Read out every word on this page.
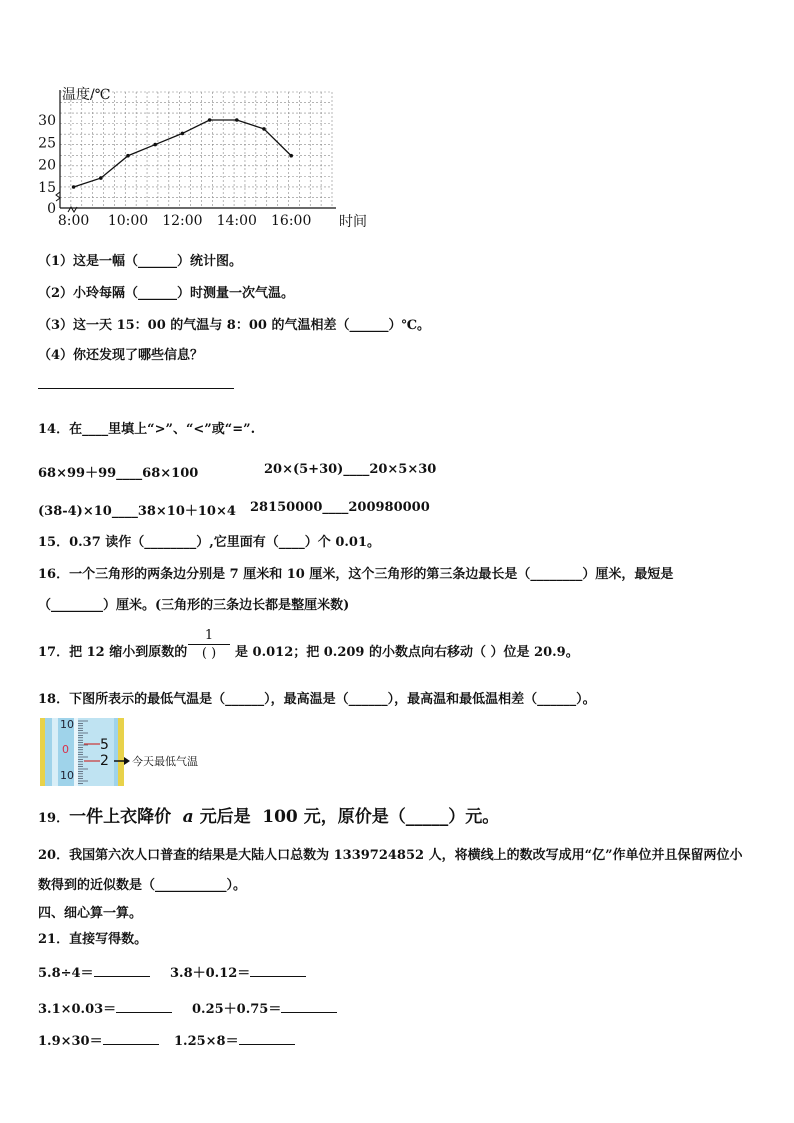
0
15
20
25
30
8:00 10:00 12:00 14:00 16:00
温度/℃
时间
（1）这是一幅（______）统计图。
（2）小玲每隔（______）时测量一次气温。
（3）这一天 15：00 的气温与 8：00 的气温相差（______）℃。
（4）你还发现了哪些信息？
14．在____里填上“>”、“<”或“=”.
68×99＋99____68×100	20×(5+30)____20×5×30
(38-4)×10____38×10＋10×4 28150000____200980000
15．0.37 读作（________）,它里面有（____）个 0.01。
16．一个三角形的两条边分别是 7 厘米和 10 厘米，这个三角形的第三条边最长是（________）厘米，最短是
（________）厘米。(三角形的三条边长都是整厘米数)
17．把 12 缩小到原数的
1
( )	是 0.012；把 0.209 的小数点向右移动（ ）位是 20.9。
18．下图所表示的最低气温是（______），最高温是（______），最高温和最低温相差（______）。
10
0
10
5
2 今天最低气温
19．一件上衣降价 a 元后是 100 元，原价是（_____）元。
20．我国第六次人口普查的结果是大陆人口总数为 1339724852 人，将横线上的数改写成用“亿”作单位并且保留两位小
数得到的近似数是（___________）。
四、细心算一算。
21．直接写得数。
5.8÷4＝	3.8＋0.12＝
3.1×0.03＝	0.25＋0.75＝
1.9×30＝	1.25×8＝
